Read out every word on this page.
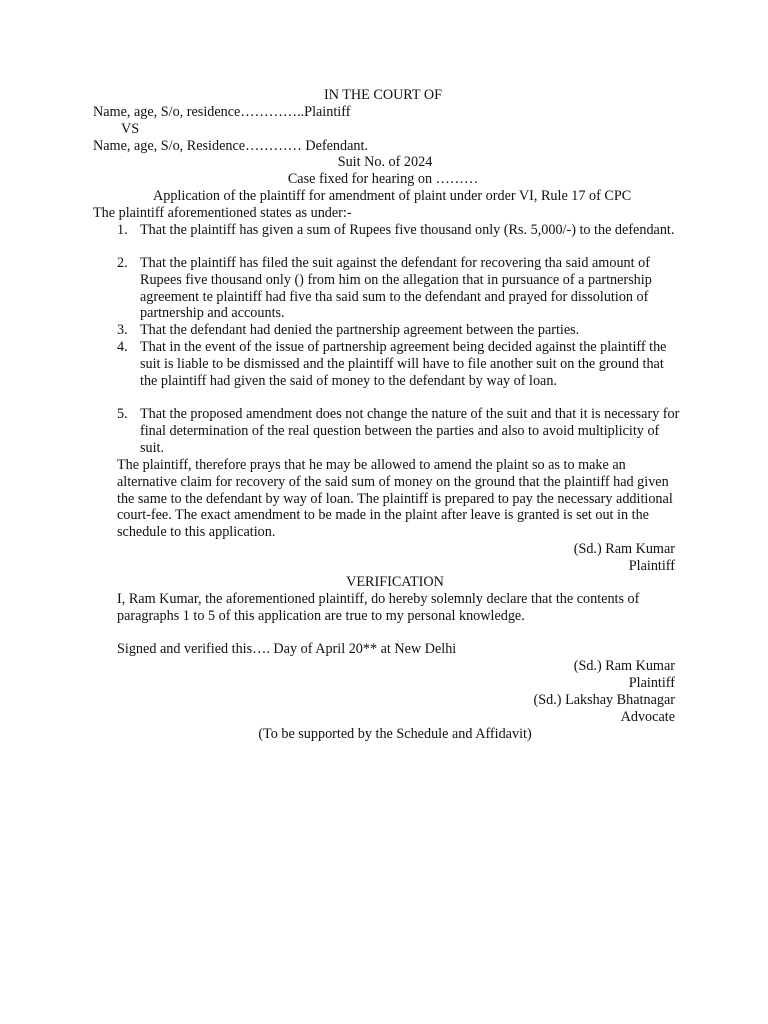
IN THE COURT OF
Name, age, S/o, residence…………..Plaintiff
VS
Name, age, S/o, Residence………… Defendant.
Suit No. of 2024
Case fixed for hearing on ………
Application of the plaintiff for amendment of plaint under order VI, Rule 17 of CPC
The plaintiff aforementioned states as under:-
1. That the plaintiff has given a sum of Rupees five thousand only (Rs. 5,000/-) to the defendant.
2. That the plaintiff has filed the suit against the defendant for recovering tha said amount of Rupees five thousand only () from him on the allegation that in pursuance of a partnership agreement te plaintiff had five tha said sum to the defendant and prayed for dissolution of partnership and accounts.
3. That the defendant had denied the partnership agreement between the parties.
4. That in the event of the issue of partnership agreement being decided against the plaintiff the suit is liable to be dismissed and the plaintiff will have to file another suit on the ground that the plaintiff had given the said of money to the defendant by way of loan.
5. That the proposed amendment does not change the nature of the suit and that it is necessary for final determination of the real question between the parties and also to avoid multiplicity of suit.
The plaintiff, therefore prays that he may be allowed to amend the plaint so as to make an alternative claim for recovery of the said sum of money on the ground that the plaintiff had given the same to the defendant by way of loan. The plaintiff is prepared to pay the necessary additional court-fee. The exact amendment to be made in the plaint after leave is granted is set out in the schedule to this application.
(Sd.) Ram Kumar
Plaintiff
VERIFICATION
I, Ram Kumar, the aforementioned plaintiff, do hereby solemnly declare that the contents of paragraphs 1 to 5 of this application are true to my personal knowledge.
Signed and verified this…. Day of April 20** at New Delhi
(Sd.) Ram Kumar
Plaintiff
(Sd.) Lakshay Bhatnagar
Advocate
(To be supported by the Schedule and Affidavit)
